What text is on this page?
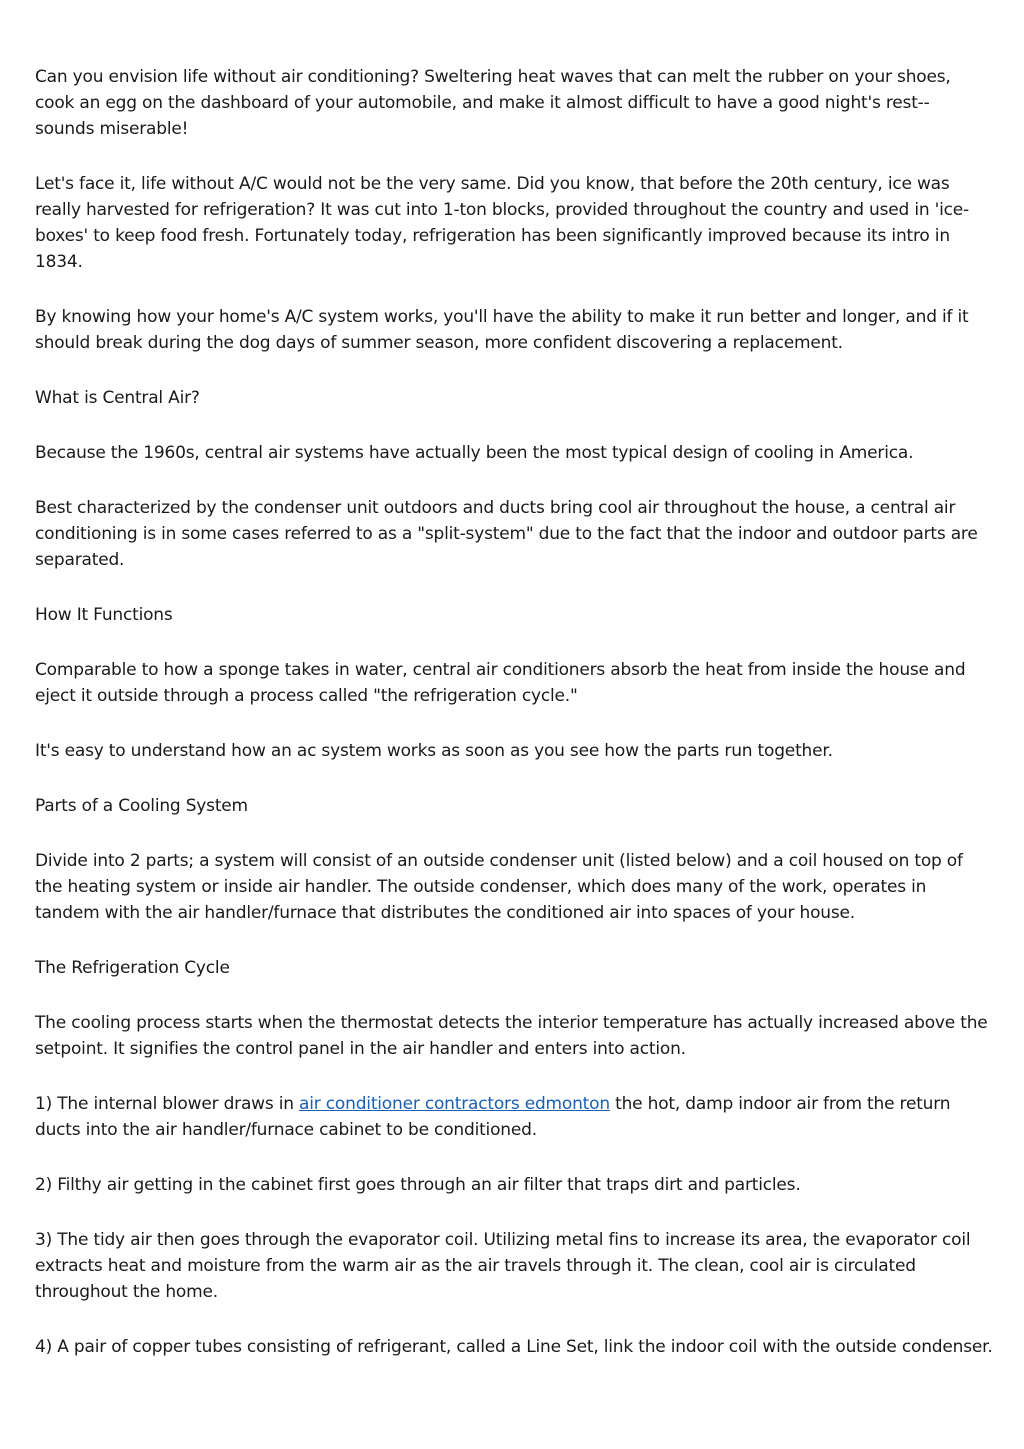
Can you envision life without air conditioning? Sweltering heat waves that can melt the rubber on your shoes, cook an egg on the dashboard of your automobile, and make it almost difficult to have a good night's rest-- sounds miserable!

Let's face it, life without A/C would not be the very same. Did you know, that before the 20th century, ice was really harvested for refrigeration? It was cut into 1-ton blocks, provided throughout the country and used in 'ice-boxes' to keep food fresh. Fortunately today, refrigeration has been significantly improved because its intro in 1834.

By knowing how your home's A/C system works, you'll have the ability to make it run better and longer, and if it should break during the dog days of summer season, more confident discovering a replacement.

What is Central Air?

Because the 1960s, central air systems have actually been the most typical design of cooling in America.

Best characterized by the condenser unit outdoors and ducts bring cool air throughout the house, a central air conditioning is in some cases referred to as a "split-system" due to the fact that the indoor and outdoor parts are separated.

How It Functions

Comparable to how a sponge takes in water, central air conditioners absorb the heat from inside the house and eject it outside through a process called "the refrigeration cycle."

It's easy to understand how an ac system works as soon as you see how the parts run together.

Parts of a Cooling System

Divide into 2 parts; a system will consist of an outside condenser unit (listed below) and a coil housed on top of the heating system or inside air handler. The outside condenser, which does many of the work, operates in tandem with the air handler/furnace that distributes the conditioned air into spaces of your house.

The Refrigeration Cycle

The cooling process starts when the thermostat detects the interior temperature has actually increased above the setpoint. It signifies the control panel in the air handler and enters into action.

1) The internal blower draws in air conditioner contractors edmonton the hot, damp indoor air from the return ducts into the air handler/furnace cabinet to be conditioned.

2) Filthy air getting in the cabinet first goes through an air filter that traps dirt and particles.

3) The tidy air then goes through the evaporator coil. Utilizing metal fins to increase its area, the evaporator coil extracts heat and moisture from the warm air as the air travels through it. The clean, cool air is circulated throughout the home.

4) A pair of copper tubes consisting of refrigerant, called a Line Set, link the indoor coil with the outside condenser.
